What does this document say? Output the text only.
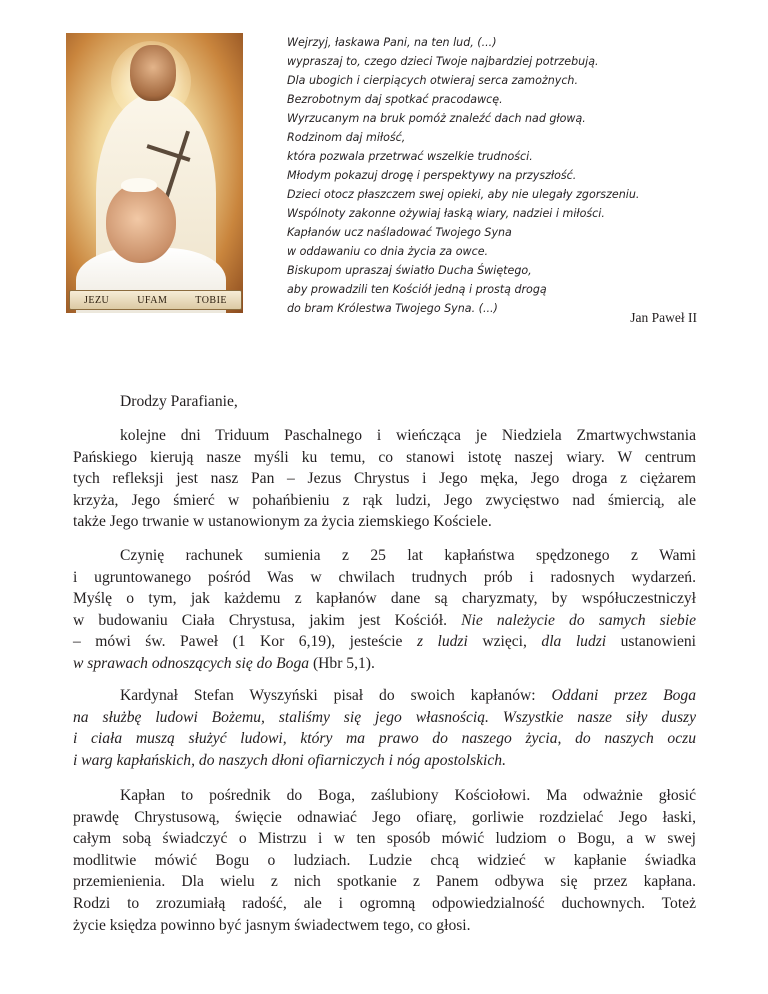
JEZU	UFAM	TOBIE
Wejrzyj, łaskawa Pani, na ten lud, (...)
wypraszaj to, czego dzieci Twoje najbardziej potrzebują.
Dla ubogich i cierpiących otwieraj serca zamożnych.
Bezrobotnym daj spotkać pracodawcę.
Wyrzucanym na bruk pomóż znaleźć dach nad głową.
Rodzinom daj miłość,
która pozwala przetrwać wszelkie trudności.
Młodym pokazuj drogę i perspektywy na przyszłość.
Dzieci otocz płaszczem swej opieki, aby nie ulegały zgorszeniu.
Wspólnoty zakonne ożywiaj łaską wiary, nadziei i miłości.
Kapłanów ucz naśladować Twojego Syna
w oddawaniu co dnia życia za owce.
Biskupom upraszaj światło Ducha Świętego,
aby prowadzili ten Kościół jedną i prostą drogą
do bram Królestwa Twojego Syna. (...)
Jan Paweł II
Drodzy Parafianie,
kolejne dni Triduum Paschalnego i wieńcząca je Niedziela Zmartwychwstania
Pańskiego kierują nasze myśli ku temu, co stanowi istotę naszej wiary. W centrum
tych refleksji jest nasz Pan – Jezus Chrystus i Jego męka, Jego droga z ciężarem
krzyża, Jego śmierć w pohańbieniu z rąk ludzi, Jego zwycięstwo nad śmiercią, ale
także Jego trwanie w ustanowionym za życia ziemskiego Kościele.
Czynię rachunek sumienia z 25 lat kapłaństwa spędzonego z Wami
i ugruntowanego pośród Was w chwilach trudnych prób i radosnych wydarzeń.
Myślę o tym, jak każdemu z kapłanów dane są charyzmaty, by współuczestniczył
w budowaniu Ciała Chrystusa, jakim jest Kościół. Nie należycie do samych siebie
– mówi św. Paweł (1 Kor 6,19), jesteście z ludzi wzięci, dla ludzi ustanowieni
w sprawach odnoszących się do Boga (Hbr 5,1).
Kardynał Stefan Wyszyński pisał do swoich kapłanów: Oddani przez Boga
na służbę ludowi Bożemu, staliśmy się jego własnością. Wszystkie nasze siły duszy
i ciała muszą służyć ludowi, który ma prawo do naszego życia, do naszych oczu
i warg kapłańskich, do naszych dłoni ofiarniczych i nóg apostolskich.
Kapłan to pośrednik do Boga, zaślubiony Kościołowi. Ma odważnie głosić
prawdę Chrystusową, święcie odnawiać Jego ofiarę, gorliwie rozdzielać Jego łaski,
całym sobą świadczyć o Mistrzu i w ten sposób mówić ludziom o Bogu, a w swej
modlitwie mówić Bogu o ludziach. Ludzie chcą widzieć w kapłanie świadka
przemienienia. Dla wielu z nich spotkanie z Panem odbywa się przez kapłana.
Rodzi to zrozumiałą radość, ale i ogromną odpowiedzialność duchownych. Toteż
życie księdza powinno być jasnym świadectwem tego, co głosi.
